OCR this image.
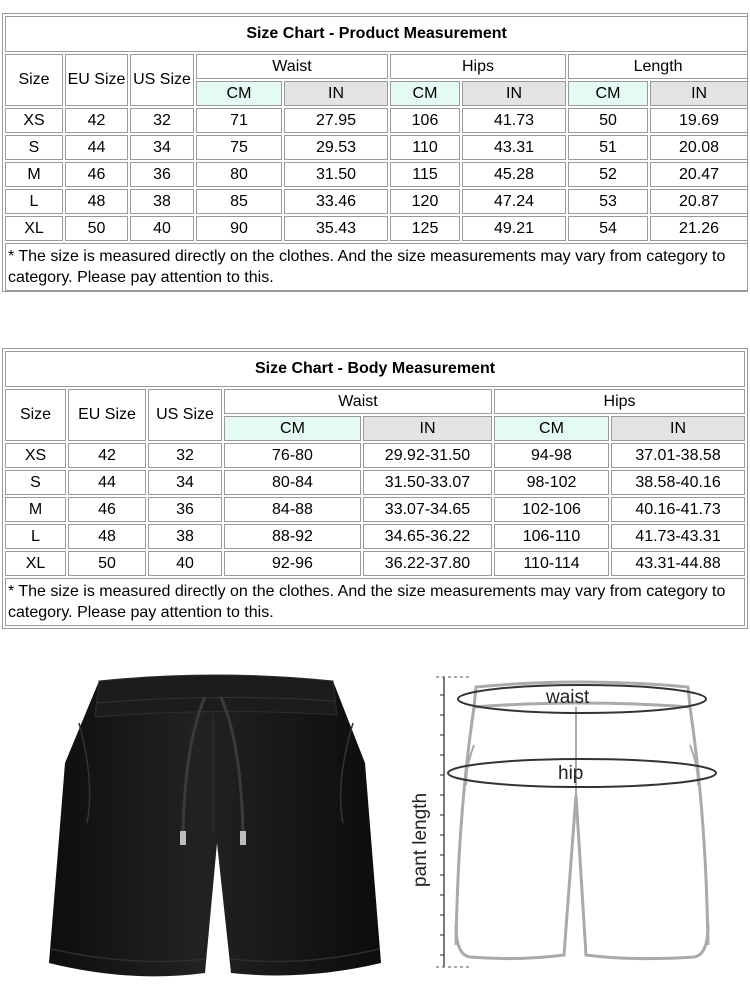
Size Chart - Product Measurement								
Size	EU Size	US Size	Waist		Hips		Length	
			CM	IN	CM	IN	CM	IN
XS	42	32	71	27.95	106	41.73	50	19.69
S	44	34	75	29.53	110	43.31	51	20.08
M	46	36	80	31.50	115	45.28	52	20.47
L	48	38	85	33.46	120	47.24	53	20.87
XL	50	40	90	35.43	125	49.21	54	21.26
* The size is measured directly on the clothes. And the size measurements may vary from category to category. Please pay attention to this.								
Size Chart - Body Measurement						
Size	EU Size	US Size	Waist		Hips	
			CM	IN	CM	IN
XS	42	32	76-80	29.92-31.50	94-98	37.01-38.58
S	44	34	80-84	31.50-33.07	98-102	38.58-40.16
M	46	36	84-88	33.07-34.65	102-106	40.16-41.73
L	48	38	88-92	34.65-36.22	106-110	41.73-43.31
XL	50	40	92-96	36.22-37.80	110-114	43.31-44.88
* The size is measured directly on the clothes. And the size measurements may vary from category to category. Please pay attention to this.						
waist
hip
pant length
